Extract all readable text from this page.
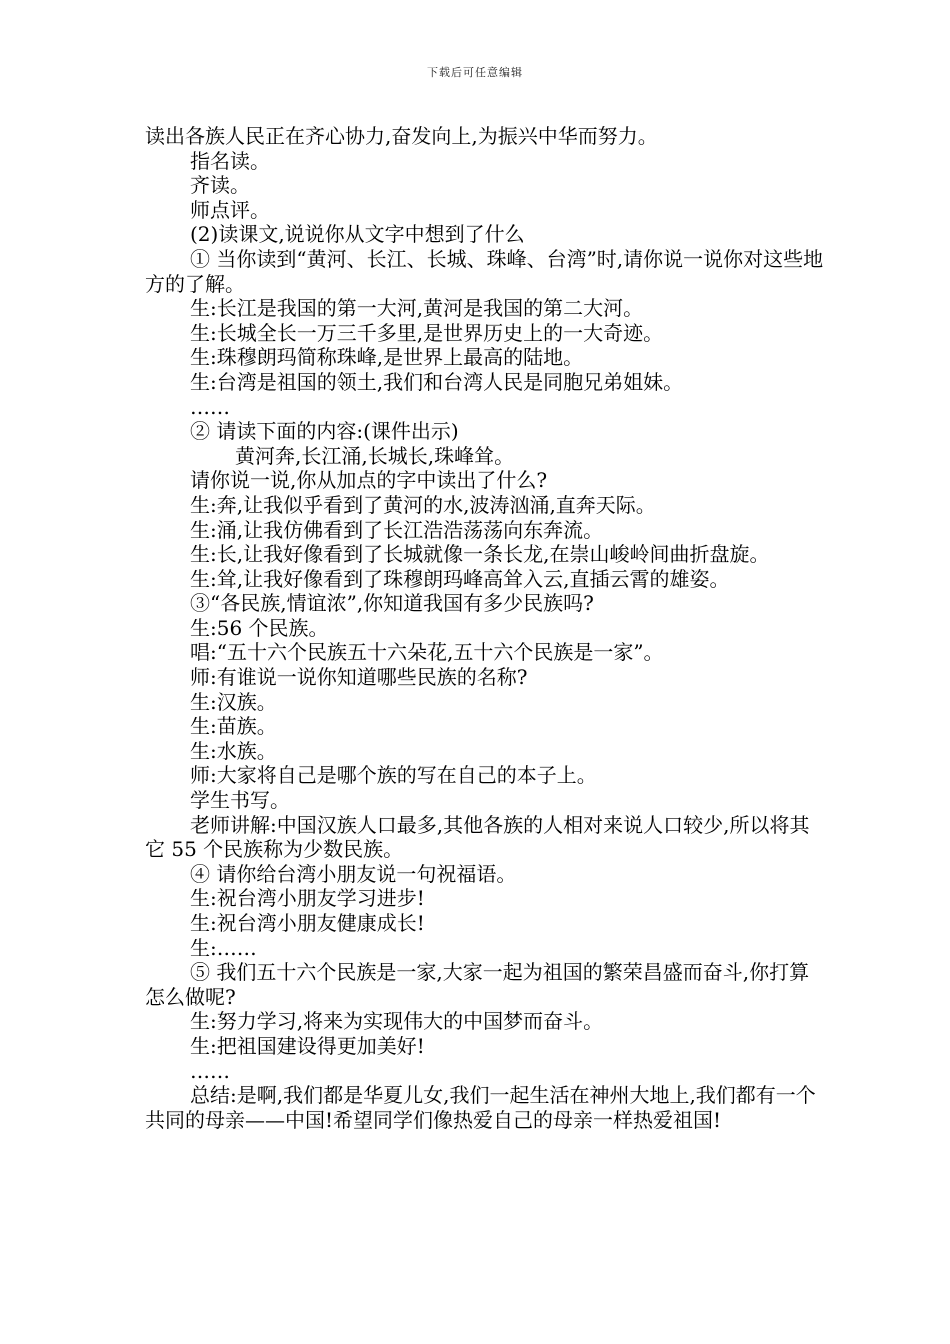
下载后可任意编辑

读出各族人民正在齐心协力,奋发向上,为振兴中华而努力。

指名读。

齐读。

师点评。

(2)读课文,说说你从文字中想到了什么

① 当你读到“黄河、长江、长城、珠峰、台湾”时,请你说一说你对这些地方的了解。

生:长江是我国的第一大河,黄河是我国的第二大河。

生:长城全长一万三千多里,是世界历史上的一大奇迹。

生:珠穆朗玛简称珠峰,是世界上最高的陆地。

生:台湾是祖国的领土,我们和台湾人民是同胞兄弟姐妹。

……

② 请读下面的内容:(课件出示)

黄河奔,长江涌,长城长,珠峰耸。

请你说一说,你从加点的字中读出了什么?

生:奔,让我似乎看到了黄河的水,波涛汹涌,直奔天际。

生:涌,让我仿佛看到了长江浩浩荡荡向东奔流。

生:长,让我好像看到了长城就像一条长龙,在崇山峻岭间曲折盘旋。

生:耸,让我好像看到了珠穆朗玛峰高耸入云,直插云霄的雄姿。

③“各民族,情谊浓”,你知道我国有多少民族吗?

生:56 个民族。

唱:“五十六个民族五十六朵花,五十六个民族是一家”。

师:有谁说一说你知道哪些民族的名称?

生:汉族。

生:苗族。

生:水族。

师:大家将自己是哪个族的写在自己的本子上。

学生书写。

老师讲解:中国汉族人口最多,其他各族的人相对来说人口较少,所以将其它 55 个民族称为少数民族。

④ 请你给台湾小朋友说一句祝福语。

生:祝台湾小朋友学习进步!

生:祝台湾小朋友健康成长!

生:……

⑤ 我们五十六个民族是一家,大家一起为祖国的繁荣昌盛而奋斗,你打算怎么做呢?

生:努力学习,将来为实现伟大的中国梦而奋斗。

生:把祖国建设得更加美好!

……

总结:是啊,我们都是华夏儿女,我们一起生活在神州大地上,我们都有一个共同的母亲——中国!希望同学们像热爱自己的母亲一样热爱祖国!
